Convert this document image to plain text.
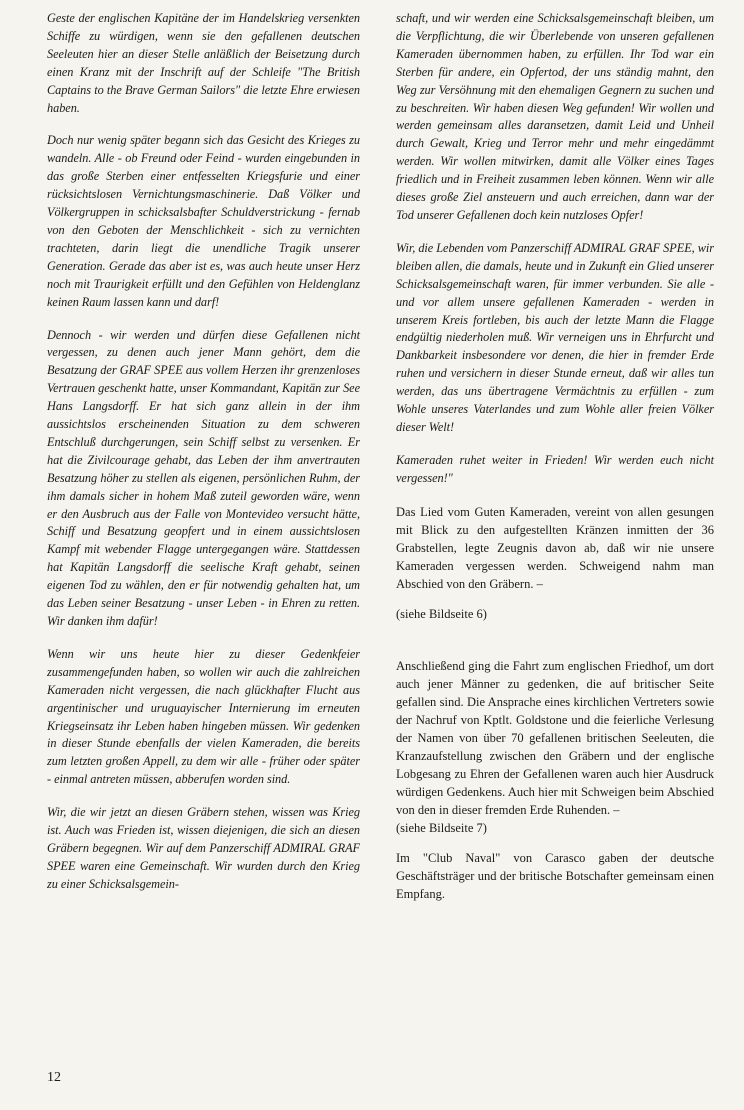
Geste der englischen Kapitäne der im Handelskrieg versenkten Schiffe zu würdigen, wenn sie den gefallenen deutschen Seeleuten hier an dieser Stelle anläßlich der Beisetzung durch einen Kranz mit der Inschrift auf der Schleife "The British Captains to the Brave German Sailors" die letzte Ehre erwiesen haben.

Doch nur wenig später begann sich das Gesicht des Krieges zu wandeln. Alle - ob Freund oder Feind - wurden eingebunden in das große Sterben einer entfesselten Kriegsfurie und einer rücksichtslosen Vernichtungsmaschinerie. Daß Völker und Völkergruppen in schicksalsbafter Schuldverstrickung - fernab von den Geboten der Menschlichkeit - sich zu vernichten trachteten, darin liegt die unendliche Tragik unserer Generation. Gerade das aber ist es, was auch heute unser Herz noch mit Traurigkeit erfüllt und den Gefühlen von Heldenglanz keinen Raum lassen kann und darf!

Dennoch - wir werden und dürfen diese Gefallenen nicht vergessen, zu denen auch jener Mann gehört, dem die Besatzung der GRAF SPEE aus vollem Herzen ihr grenzenloses Vertrauen geschenkt hatte, unser Kommandant, Kapitän zur See Hans Langsdorff. Er hat sich ganz allein in der ihm aussichtslos erscheinenden Situation zu dem schweren Entschluß durchgerungen, sein Schiff selbst zu versenken. Er hat die Zivilcourage gehabt, das Leben der ihm anvertrauten Besatzung höher zu stellen als eigenen, persönlichen Ruhm, der ihm damals sicher in hohem Maß zuteil geworden wäre, wenn er den Ausbruch aus der Falle von Montevideo versucht hätte, Schiff und Besatzung geopfert und in einem aussichtslosen Kampf mit webender Flagge untergegangen wäre. Stattdessen hat Kapitän Langsdorff die seelische Kraft gehabt, seinen eigenen Tod zu wählen, den er für notwendig gehalten hat, um das Leben seiner Besatzung - unser Leben - in Ehren zu retten. Wir danken ihm dafür!

Wenn wir uns heute hier zu dieser Gedenkfeier zusammengefunden haben, so wollen wir auch die zahlreichen Kameraden nicht vergessen, die nach glückhafter Flucht aus argentinischer und uruguayischer Internierung im erneuten Kriegseinsatz ihr Leben haben hingeben müssen. Wir gedenken in dieser Stunde ebenfalls der vielen Kameraden, die bereits zum letzten großen Appell, zu dem wir alle - früher oder später - einmal antreten müssen, abberufen worden sind.

Wir, die wir jetzt an diesen Gräbern stehen, wissen was Krieg ist. Auch was Frieden ist, wissen diejenigen, die sich an diesen Gräbern begegnen. Wir auf dem Panzerschiff ADMIRAL GRAF SPEE waren eine Gemeinschaft. Wir wurden durch den Krieg zu einer Schicksalsgemein-

schaft, und wir werden eine Schicksalsgemeinschaft bleiben, um die Verpflichtung, die wir Überlebende von unseren gefallenen Kameraden übernommen haben, zu erfüllen. Ihr Tod war ein Sterben für andere, ein Opfertod, der uns ständig mahnt, den Weg zur Versöhnung mit den ehemaligen Gegnern zu suchen und zu beschreiten. Wir haben diesen Weg gefunden! Wir wollen und werden gemeinsam alles daransetzen, damit Leid und Unheil durch Gewalt, Krieg und Terror mehr und mehr eingedämmt werden. Wir wollen mitwirken, damit alle Völker eines Tages friedlich und in Freiheit zusammen leben können. Wenn wir alle dieses große Ziel ansteuern und auch erreichen, dann war der Tod unserer Gefallenen doch kein nutzloses Opfer!

Wir, die Lebenden vom Panzerschiff ADMIRAL GRAF SPEE, wir bleiben allen, die damals, heute und in Zukunft ein Glied unserer Schicksalsgemeinschaft waren, für immer verbunden. Sie alle - und vor allem unsere gefallenen Kameraden - werden in unserem Kreis fortleben, bis auch der letzte Mann die Flagge endgültig niederholen muß. Wir verneigen uns in Ehrfurcht und Dankbarkeit insbesondere vor denen, die hier in fremder Erde ruhen und versichern in dieser Stunde erneut, daß wir alles tun werden, das uns übertragene Vermächtnis zu erfüllen - zum Wohle unseres Vaterlandes und zum Wohle aller freien Völker dieser Welt!

Kameraden ruhet weiter in Frieden! Wir werden euch nicht vergessen!"

Das Lied vom Guten Kameraden, vereint von allen gesungen mit Blick zu den aufgestellten Kränzen inmitten der 36 Grabstellen, legte Zeugnis davon ab, daß wir nie unsere Kameraden vergessen werden. Schweigend nahm man Abschied von den Gräbern. –

(siehe Bildseite 6)

Anschließend ging die Fahrt zum englischen Friedhof, um dort auch jener Männer zu gedenken, die auf britischer Seite gefallen sind. Die Ansprache eines kirchlichen Vertreters sowie der Nachruf von Kptlt. Goldstone und die feierliche Verlesung der Namen von über 70 gefallenen britischen Seeleuten, die Kranzaufstellung zwischen den Gräbern und der englische Lobgesang zu Ehren der Gefallenen waren auch hier Ausdruck würdigen Gedenkens. Auch hier mit Schweigen beim Abschied von den in dieser fremden Erde Ruhenden. –

(siehe Bildseite 7)

Im "Club Naval" von Carasco gaben der deutsche Geschäftsträger und der britische Botschafter gemeinsam einen Empfang.

12
